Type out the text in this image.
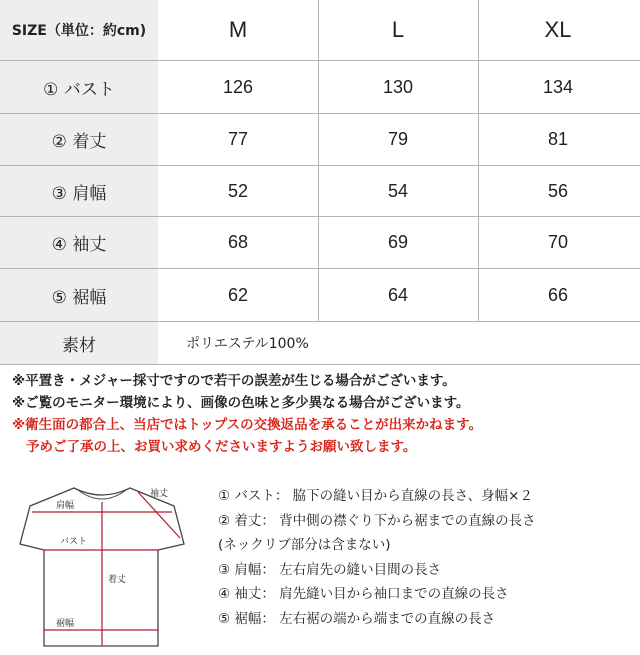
SIZE（単位：約cm)	M	L	XL
① バスト	126	130	134
② 着丈	77	79	81
③ 肩幅	52	54	56
④ 袖丈	68	69	70
⑤ 裾幅	62	64	66
素材	ポリエステル100%
※平置き・メジャー採寸ですので若干の誤差が生じる場合がございます。
※ご覧のモニター環境により、画像の色味と多少異なる場合がございます。
※衛生面の都合上、当店ではトップスの交換返品を承ることが出来かねます。
予めご了承の上、お買い求めくださいますようお願い致します。
袖丈
肩幅
バスト
着丈
裾幅
① バスト： 脇下の縫い目から直線の長さ、身幅×２
② 着丈： 背中側の襟ぐり下から裾までの直線の長さ
(ネックリブ部分は含まない)
③ 肩幅： 左右肩先の縫い目間の長さ
④ 袖丈： 肩先縫い目から袖口までの直線の長さ
⑤ 裾幅： 左右裾の端から端までの直線の長さ
